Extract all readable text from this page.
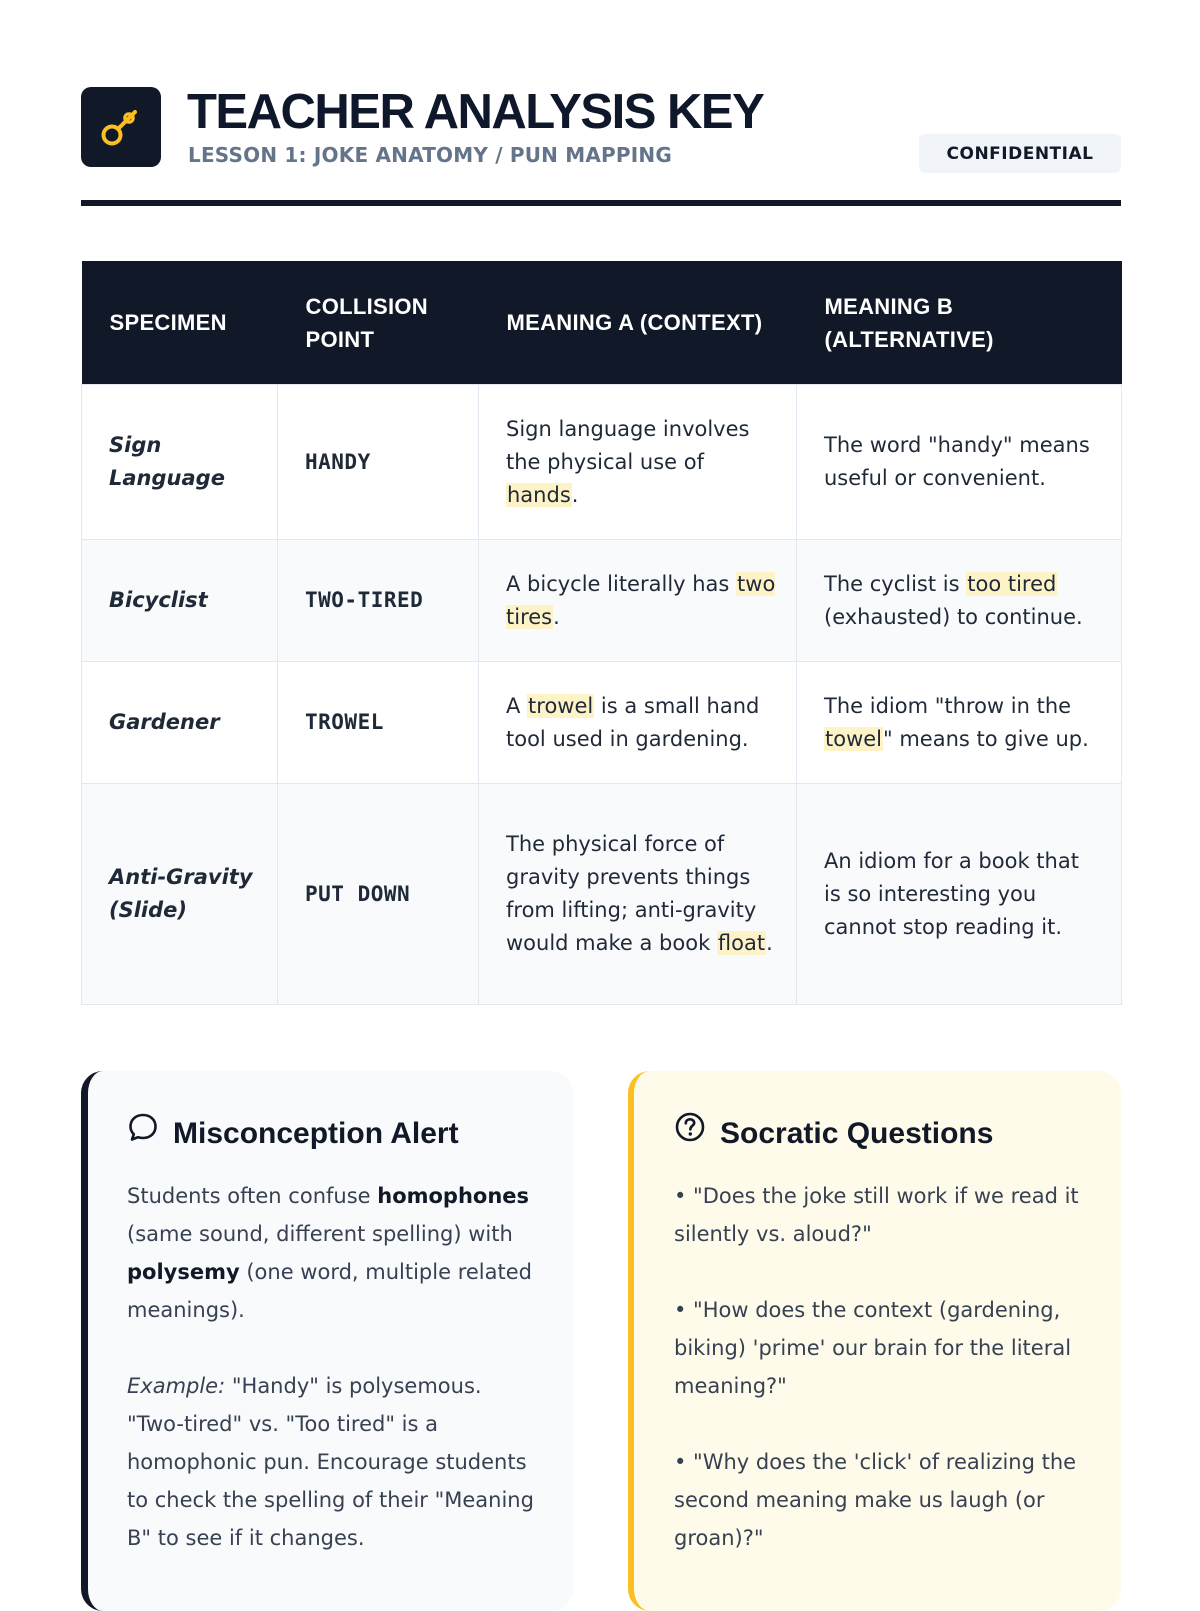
TEACHER ANALYSIS KEY
LESSON 1: JOKE ANATOMY / PUN MAPPING	CONFIDENTIAL
SPECIMEN	COLLISION POINT	MEANING A (CONTEXT)	MEANING B (ALTERNATIVE)
Sign Language	HANDY	Sign language involves the physical use of hands.	The word "handy" means useful or convenient.
Bicyclist	TWO-TIRED	A bicycle literally has two tires.	The cyclist is too tired (exhausted) to continue.
Gardener	TROWEL	A trowel is a small hand tool used in gardening.	The idiom "throw in the towel" means to give up.
Anti-Gravity (Slide)	PUT DOWN	The physical force of gravity prevents things from lifting; anti-gravity would make a book float.	An idiom for a book that is so interesting you cannot stop reading it.
Misconception Alert

Students often confuse homophones (same sound, different spelling) with polysemy (one word, multiple related meanings).

Example: "Handy" is polysemous. "Two-tired" vs. "Too tired" is a homophonic pun. Encourage students to check the spelling of their "Meaning B" to see if it changes.

Socratic Questions

• "Does the joke still work if we read it silently vs. aloud?"

• "How does the context (gardening, biking) 'prime' our brain for the literal meaning?"

• "Why does the 'click' of realizing the second meaning make us laugh (or groan)?"
